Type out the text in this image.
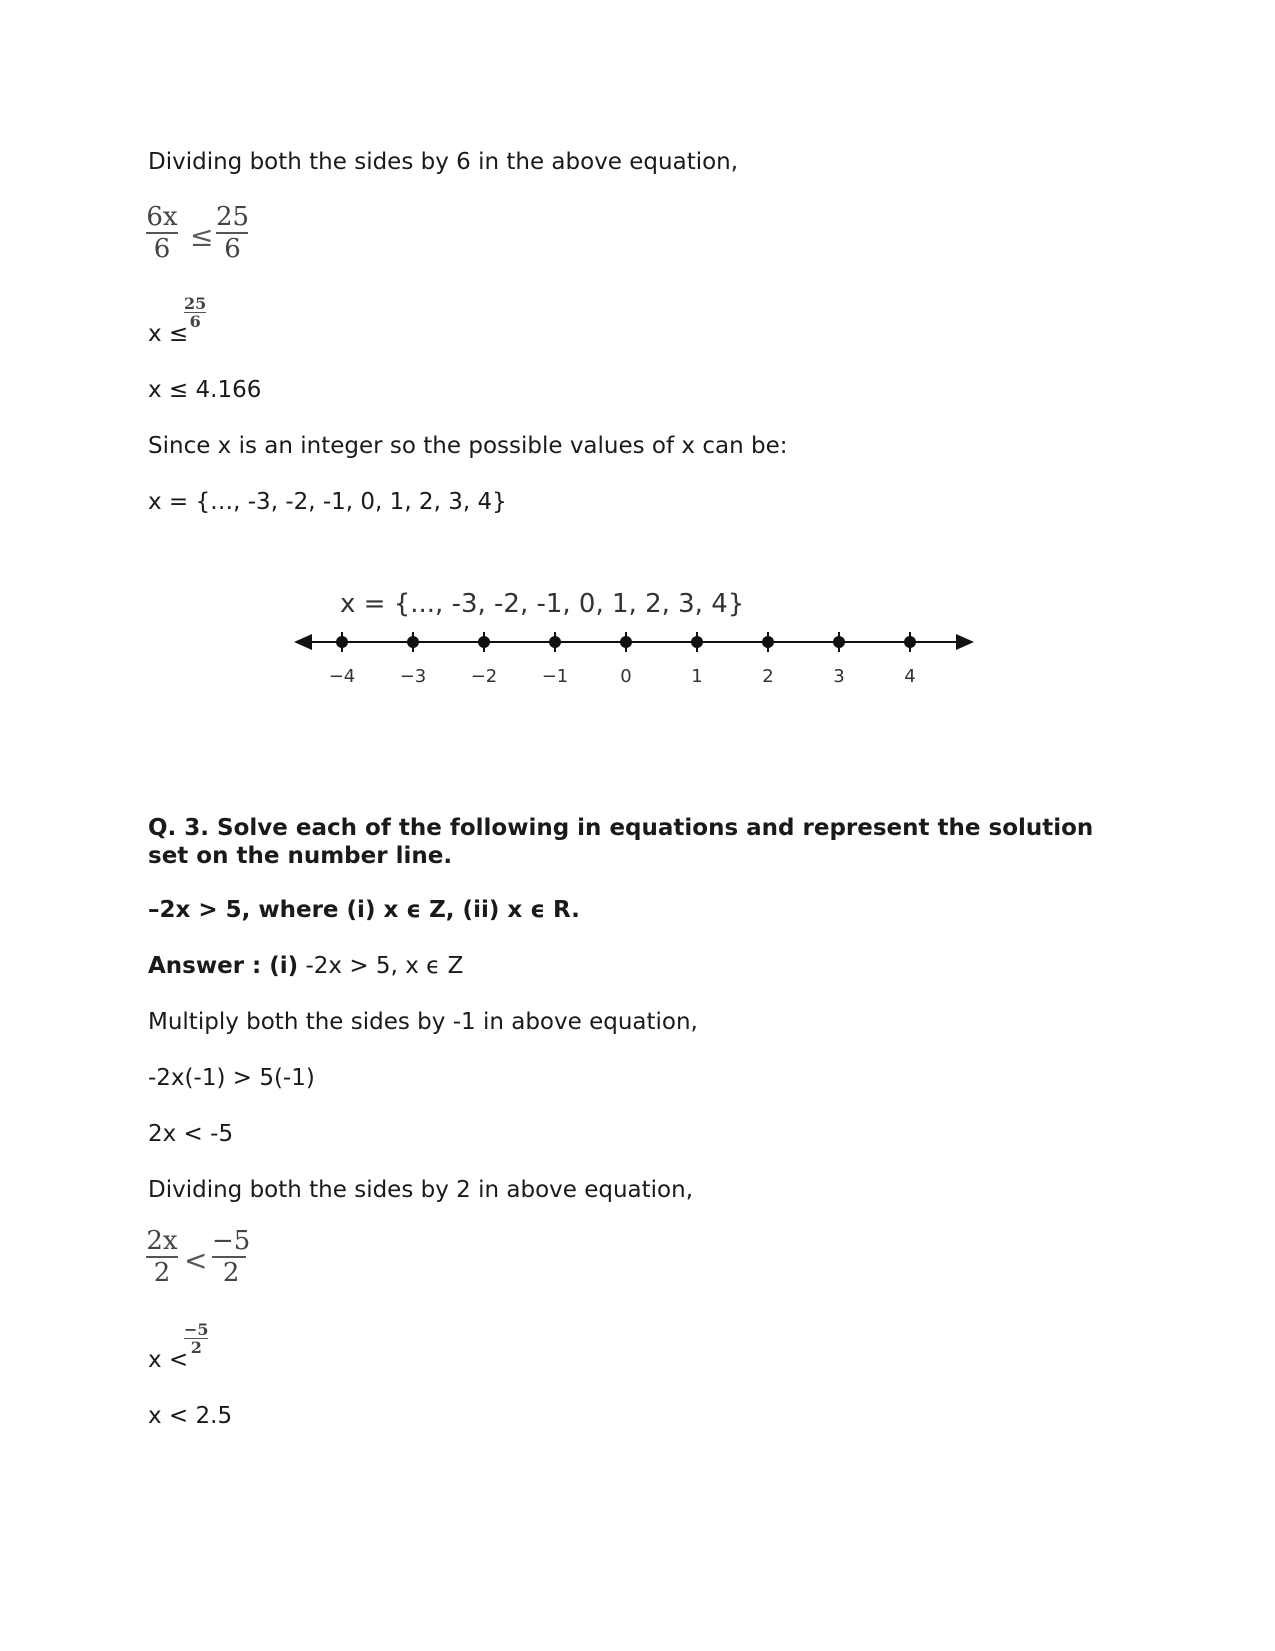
Dividing both the sides by 6 in the above equation,
6x
6 ≤
25
6
x ≤
25
6
x ≤ 4.166
Since x is an integer so the possible values of x can be:
x = {…, -3, -2, -1, 0, 1, 2, 3, 4}
x = {..., -3, -2, -1, 0, 1, 2, 3, 4}
−4 −3 −2 −1	0	1	2	3	4
Q. 3. Solve each of the following in equations and represent the solution set on the number line.
–2x > 5, where (i) x ϵ Z, (ii) x ϵ R.
Answer : (i) -2x > 5, x ϵ Z
Multiply both the sides by -1 in above equation,
-2x(-1) > 5(-1)
2x < -5
Dividing both the sides by 2 in above equation,
2x
2 <
−5
2
x <
−5
2
x < 2.5
